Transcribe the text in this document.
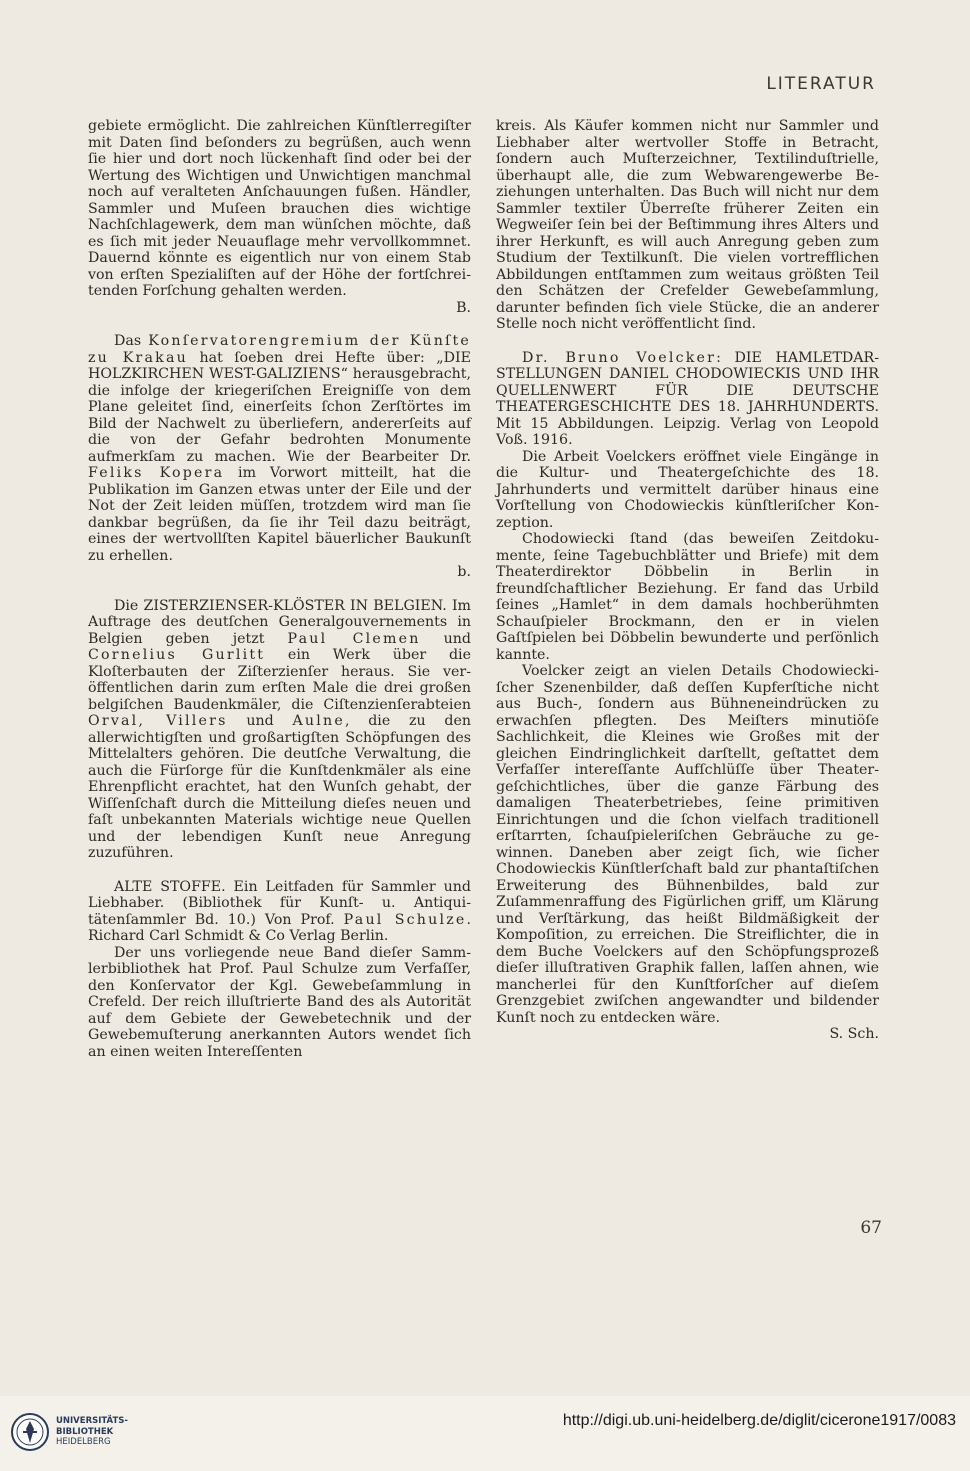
LITERATUR

gebiete ermöglicht. Die zahlreichen Künſtlerregiſter mit Daten ſind beſonders zu begrüßen, auch wenn ſie hier und dort noch lückenhaft ſind oder bei der Wertung des Wichtigen und Unwichtigen manchmal noch auf veralteten Anſchauungen fußen. Händler, Sammler und Muſeen brauchen dies wichtige Nachſchlagewerk, dem man wünſchen möchte, daß es ſich mit jeder Neuauflage mehr vervollkommnet. Dauernd könnte es eigentlich nur von einem Stab von erſten Spezialiſten auf der Höhe der fortſchreitenden Forſchung gehalten werden.

B.

Das Konſervatorengremium der Künſte zu Krakau hat ſoeben drei Hefte über: „DIE HOLZKIRCHEN WEST-GALIZIENS“ herausgebracht, die infolge der kriegeriſchen Ereigniſſe von dem Plane geleitet ſind, einerſeits ſchon Zerſtörtes im Bild der Nachwelt zu überliefern, andererſeits auf die von der Gefahr bedrohten Monumente aufmerkſam zu machen. Wie der Bearbeiter Dr. Feliks Kopera im Vorwort mitteilt, hat die Publikation im Ganzen etwas unter der Eile und der Not der Zeit leiden müſſen, trotzdem wird man ſie dankbar begrüßen, da ſie ihr Teil dazu beiträgt, eines der wertvollſten Kapitel bäuerlicher Baukunſt zu erhellen.

b.

Die ZISTERZIENSER-KLÖSTER IN BELGIEN. Im Auftrage des deutſchen Generalgouvernements in Belgien geben jetzt Paul Clemen und Cornelius Gurlitt ein Werk über die Kloſterbauten der Ziſterzienſer heraus. Sie veröffentlichen darin zum erſten Male die drei großen belgiſchen Baudenkmäler, die Ciſtenzienſerabteien Orval, Villers und Aulne, die zu den allerwichtigſten und großartigſten Schöpfungen des Mittelalters gehören. Die deutſche Verwaltung, die auch die Fürſorge für die Kunſtdenkmäler als eine Ehrenpflicht erachtet, hat den Wunſch gehabt, der Wiſſenſchaft durch die Mitteilung dieſes neuen und faſt unbekannten Materials wichtige neue Quellen und der lebendigen Kunſt neue Anregung zuzuführen.

ALTE STOFFE. Ein Leitfaden für Sammler und Liebhaber. (Bibliothek für Kunſt- u. Antiquitätenſammler Bd. 10.) Von Prof. Paul Schulze. Richard Carl Schmidt & Co Verlag Berlin.

Der uns vorliegende neue Band dieſer Sammlerbibliothek hat Prof. Paul Schulze zum Verfaſſer, den Konſervator der Kgl. Gewebeſammlung in Crefeld. Der reich illuſtrierte Band des als Autorität auf dem Gebiete der Gewebetechnik und der Gewebemuſterung anerkannten Autors wendet ſich an einen weiten Intereſſenten

kreis. Als Käufer kommen nicht nur Sammler und Liebhaber alter wertvoller Stoffe in Betracht, ſondern auch Muſterzeichner, Textilinduſtrielle, überhaupt alle, die zum Webwarengewerbe Beziehungen unterhalten. Das Buch will nicht nur dem Sammler textiler Überreſte früherer Zeiten ein Wegweiſer ſein bei der Beſtimmung ihres Alters und ihrer Herkunft, es will auch Anregung geben zum Studium der Textilkunſt. Die vielen vortrefflichen Abbildungen entſtammen zum weitaus größten Teil den Schätzen der Crefelder Gewebeſammlung, darunter befinden ſich viele Stücke, die an anderer Stelle noch nicht veröffentlicht ſind.

Dr. Bruno Voelcker: DIE HAMLETDARSTELLUNGEN DANIEL CHODOWIECKIS UND IHR QUELLENWERT FÜR DIE DEUTSCHE THEATERGESCHICHTE DES 18. JAHRHUNDERTS. Mit 15 Abbildungen. Leipzig. Verlag von Leopold Voß. 1916.

Die Arbeit Voelckers eröffnet viele Eingänge in die Kultur- und Theatergeſchichte des 18. Jahrhunderts und vermittelt darüber hinaus eine Vorſtellung von Chodowieckis künſtleriſcher Konzeption.

Chodowiecki ſtand (das beweiſen Zeitdokumente, ſeine Tagebuchblätter und Briefe) mit dem Theaterdirektor Döbbelin in Berlin in freundſchaftlicher Beziehung. Er fand das Urbild ſeines „Hamlet“ in dem damals hochberühmten Schauſpieler Brockmann, den er in vielen Gaſtſpielen bei Döbbelin bewunderte und perſönlich kannte.

Voelcker zeigt an vielen Details Chodowieckiſcher Szenenbilder, daß deſſen Kupferſtiche nicht aus Buch-, ſondern aus Bühneneindrücken zu erwachſen pflegten. Des Meiſters minutiöſe Sachlichkeit, die Kleines wie Großes mit der gleichen Eindringlichkeit darſtellt, geſtattet dem Verfaſſer intereſſante Aufſchlüſſe über Theatergeſchichtliches, über die ganze Färbung des damaligen Theaterbetriebes, ſeine primitiven Einrichtungen und die ſchon vielfach traditionell erſtarrten, ſchauſpieleriſchen Gebräuche zu gewinnen. Daneben aber zeigt ſich, wie ſicher Chodowieckis Künſtlerſchaft bald zur phantaſtiſchen Erweiterung des Bühnenbildes, bald zur Zuſammenraffung des Figürlichen griff, um Klärung und Verſtärkung, das heißt Bildmäßigkeit der Kompoſition, zu erreichen. Die Streiflichter, die in dem Buche Voelckers auf den Schöpfungsprozeß dieſer illuſtrativen Graphik fallen, laſſen ahnen, wie mancherlei für den Kunſtforſcher auf dieſem Grenzgebiet zwiſchen angewandter und bildender Kunſt noch zu entdecken wäre.

S. Sch.

67
UNIVERSITÄTS-
BIBLIOTHEK
HEIDELBERG
http://digi.ub.uni-heidelberg.de/diglit/cicerone1917/0083
